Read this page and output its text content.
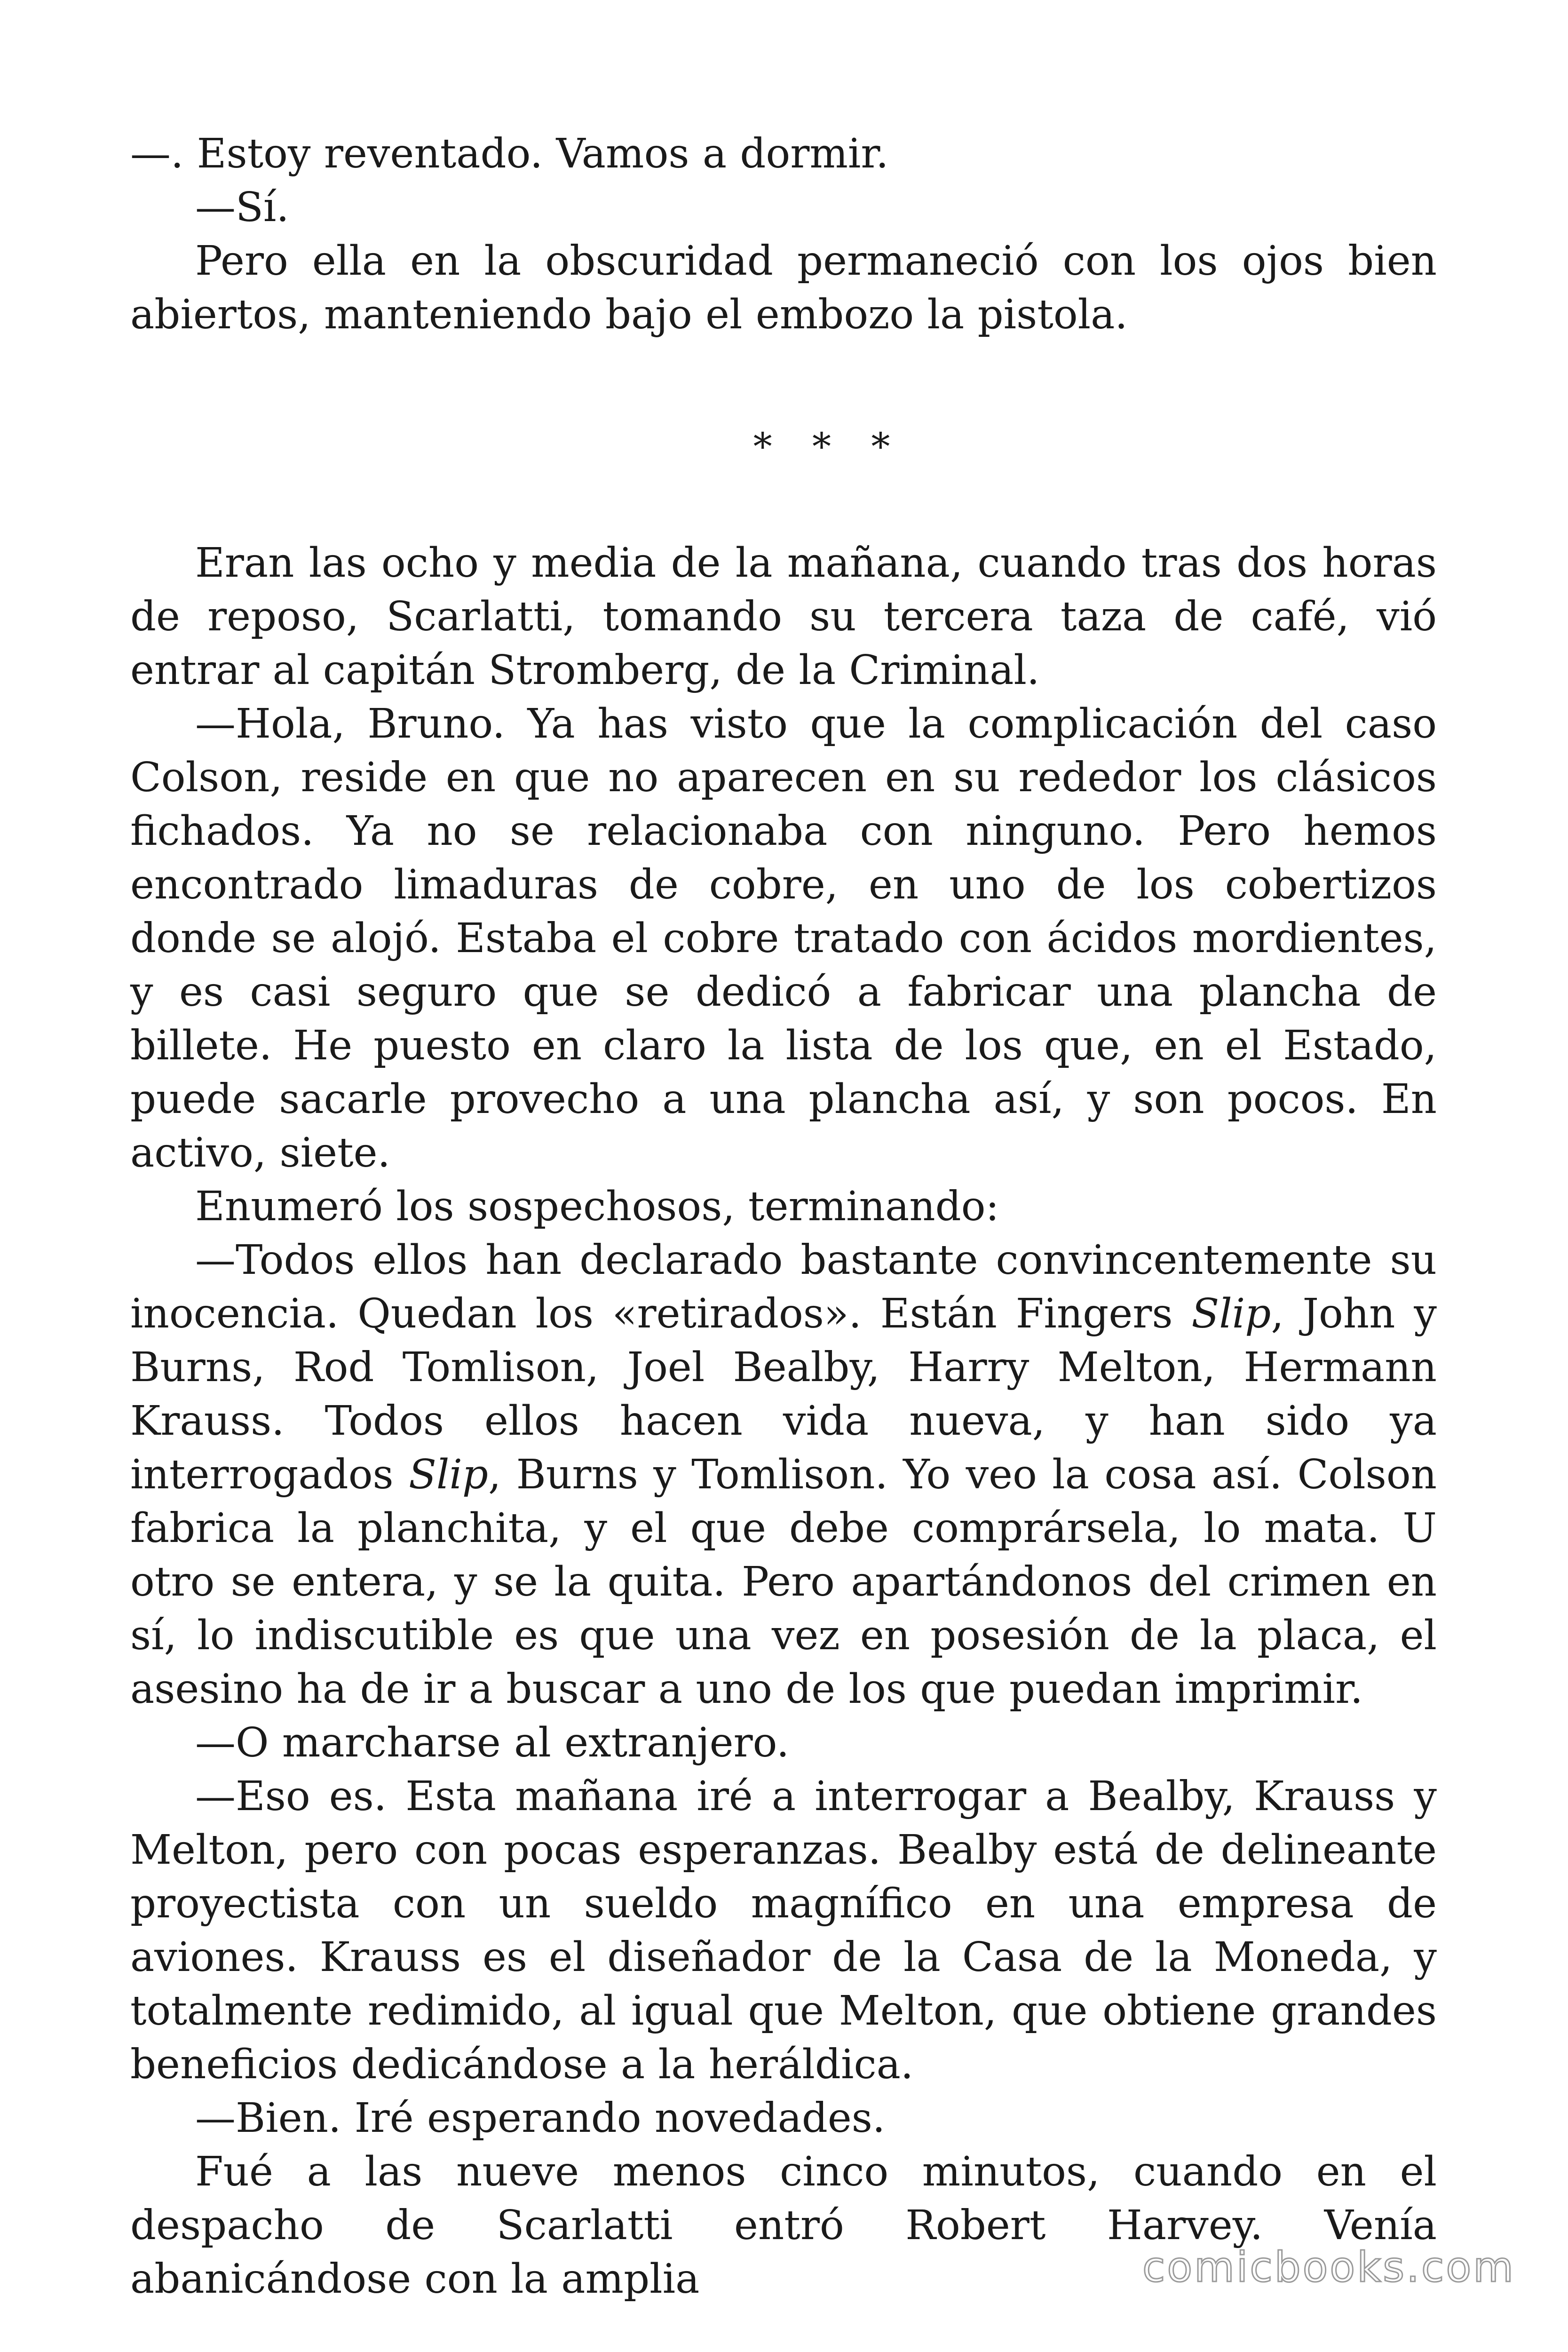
—. Estoy reventado. Vamos a dormir.

—Sí.

Pero ella en la obscuridad permaneció con los ojos bien abiertos, manteniendo bajo el embozo la pistola.

* * *

Eran las ocho y media de la mañana, cuando tras dos horas de reposo, Scarlatti, tomando su tercera taza de café, vió entrar al capitán Stromberg, de la Criminal.

—Hola, Bruno. Ya has visto que la complicación del caso Colson, reside en que no aparecen en su rededor los clásicos fichados. Ya no se relacionaba con ninguno. Pero hemos encontrado limaduras de cobre, en uno de los cobertizos donde se alojó. Estaba el cobre tratado con ácidos mordientes, y es casi seguro que se dedicó a fabricar una plancha de billete. He puesto en claro la lista de los que, en el Estado, puede sacarle provecho a una plancha así, y son pocos. En activo, siete.

Enumeró los sospechosos, terminando:

—Todos ellos han declarado bastante convincentemente su inocencia. Quedan los «retirados». Están Fingers Slip, John y Burns, Rod Tomlison, Joel Bealby, Harry Melton, Hermann Krauss. Todos ellos hacen vida nueva, y han sido ya interrogados Slip, Burns y Tomlison. Yo veo la cosa así. Colson fabrica la planchita, y el que debe comprársela, lo mata. U otro se entera, y se la quita. Pero apartándonos del crimen en sí, lo indiscutible es que una vez en posesión de la placa, el asesino ha de ir a buscar a uno de los que puedan imprimir.

—O marcharse al extranjero.

—Eso es. Esta mañana iré a interrogar a Bealby, Krauss y Melton, pero con pocas esperanzas. Bealby está de delineante proyectista con un sueldo magnífico en una empresa de aviones. Krauss es el diseñador de la Casa de la Moneda, y totalmente redimido, al igual que Melton, que obtiene grandes beneficios dedicándose a la heráldica.

—Bien. Iré esperando novedades.

Fué a las nueve menos cinco minutos, cuando en el despacho de Scarlatti entró Robert Harvey. Venía abanicándose con la amplia	comicbooks.com
